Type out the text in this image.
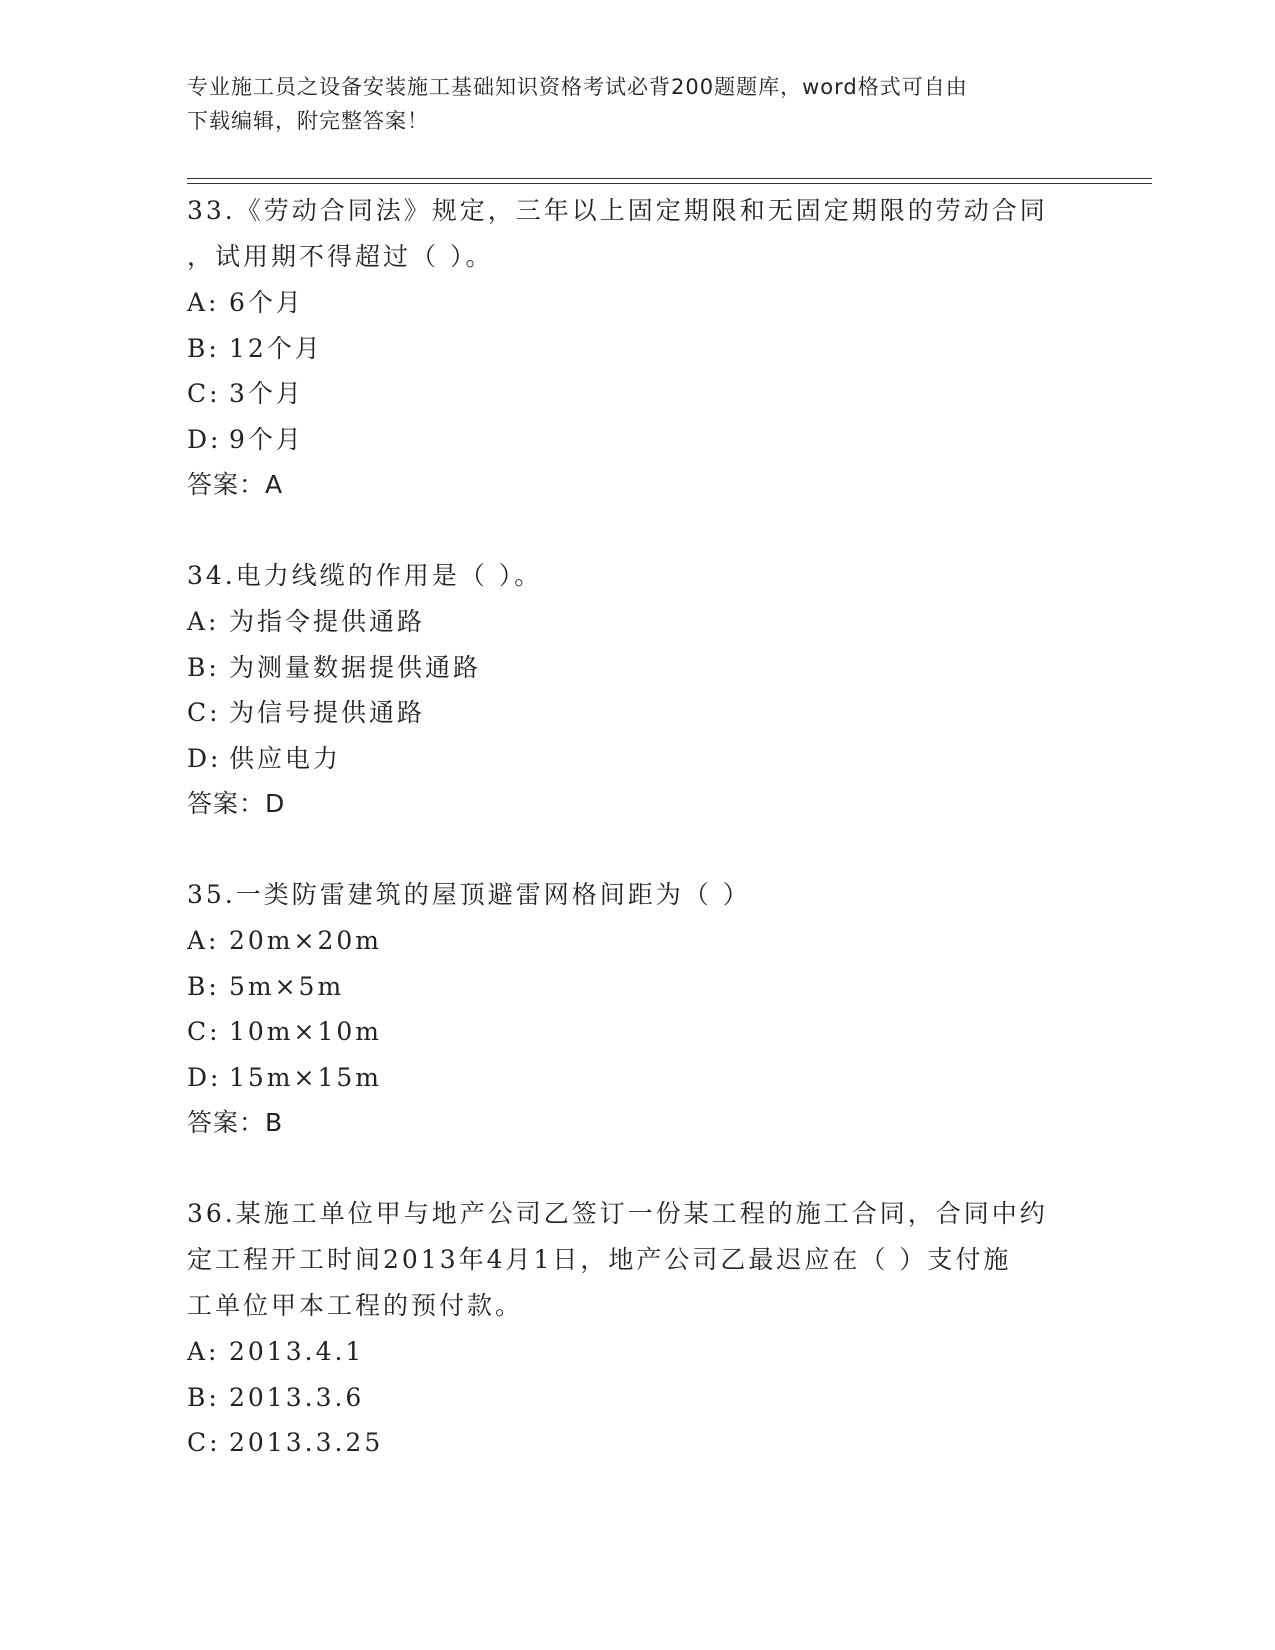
专业施工员之设备安装施工基础知识资格考试必背200题题库，word格式可自由
下载编辑，附完整答案！
33.《劳动合同法》规定，三年以上固定期限和无固定期限的劳动合同
，试用期不得超过（ ）。
A: 6个月
B: 12个月
C: 3个月
D: 9个月
答案：A
34.电力线缆的作用是（ ）。
A: 为指令提供通路
B: 为测量数据提供通路
C: 为信号提供通路
D: 供应电力
答案：D
35.一类防雷建筑的屋顶避雷网格间距为（ ）
A: 20m×20m
B: 5m×5m
C: 10m×10m
D: 15m×15m
答案：B
36.某施工单位甲与地产公司乙签订一份某工程的施工合同，合同中约
定工程开工时间2013年4月1日，地产公司乙最迟应在（ ）支付施
工单位甲本工程的预付款。
A: 2013.4.1
B: 2013.3.6
C: 2013.3.25
